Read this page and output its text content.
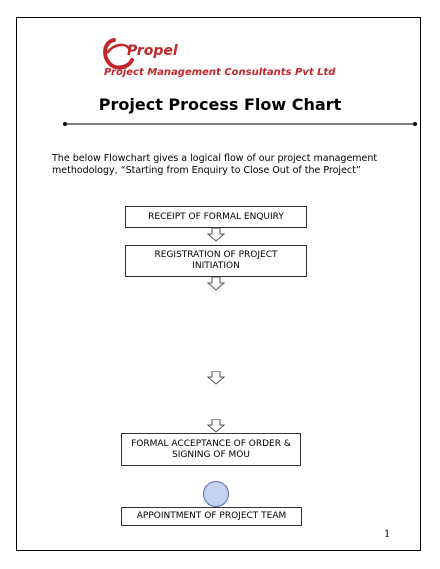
Propel
Project Management Consultants Pvt Ltd
Project Process Flow Chart
The below Flowchart gives a logical flow of our project management
methodology, “Starting from Enquiry to Close Out of the Project”
RECEIPT OF FORMAL ENQUIRY
REGISTRATION OF PROJECT
INITIATION
FORMAL ACCEPTANCE OF ORDER &
SIGNING OF MOU
APPOINTMENT OF PROJECT TEAM
1
